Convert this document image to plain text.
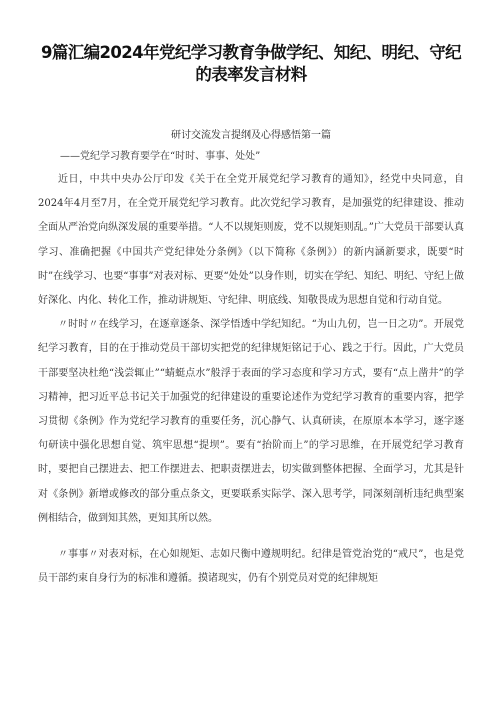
9篇汇编2024年党纪学习教育争做学纪、知纪、明纪、守纪的表率发言材料
研讨交流发言提纲及心得感悟第一篇
——党纪学习教育要学在“时时、事事、处处”

近日，中共中央办公厅印发《关于在全党开展党纪学习教育的通知》，经党中央同意，自2024年4月至7月，在全党开展党纪学习教育。此次党纪学习教育，是加强党的纪律建设、推动全面从严治党向纵深发展的重要举措。“人不以规矩则废，党不以规矩则乱。”广大党员干部要认真学习、准确把握《中国共产党纪律处分条例》（以下简称《条例》）的新内涵新要求，既要“时时”在线学习、也要“事事”对表对标、更要“处处”以身作则，切实在学纪、知纪、明纪、守纪上做好深化、内化、转化工作，推动讲规矩、守纪律、明底线、知敬畏成为思想自觉和行动自觉。

〃时时〃在线学习，在逐章逐条、深学悟透中学纪知纪。“为山九仞，岂一日之功”。开展党纪学习教育，目的在于推动党员干部切实把党的纪律规矩铭记于心、践之于行。因此，广大党员干部要坚决杜绝“浅尝辄止”“蜻蜓点水”般浮于表面的学习态度和学习方式，要有“点上凿井”的学习精神，把习近平总书记关于加强党的纪律建设的重要论述作为党纪学习教育的重要内容，把学习贯彻《条例》作为党纪学习教育的重要任务，沉心静气、认真研读，在原原本本学习，逐字逐句研读中强化思想自觉、筑牢思想“提坝”。要有“抬阶而上”的学习思维，在开展党纪学习教育时，要把自己摆进去、把工作摆进去、把职责摆进去，切实做到整体把握、全面学习，尤其是针对《条例》新增或修改的部分重点条文，更要联系实际学、深入思考学，同深刻剖析违纪典型案例相结合，做到知其然，更知其所以然。

〃事事〃对表对标，在心如规矩、志如尺衡中遵规明纪。纪律是管党治党的“戒尺”，也是党员干部约束自身行为的标准和遵循。摸诸现实，仍有个别党员对党的纪律规矩
